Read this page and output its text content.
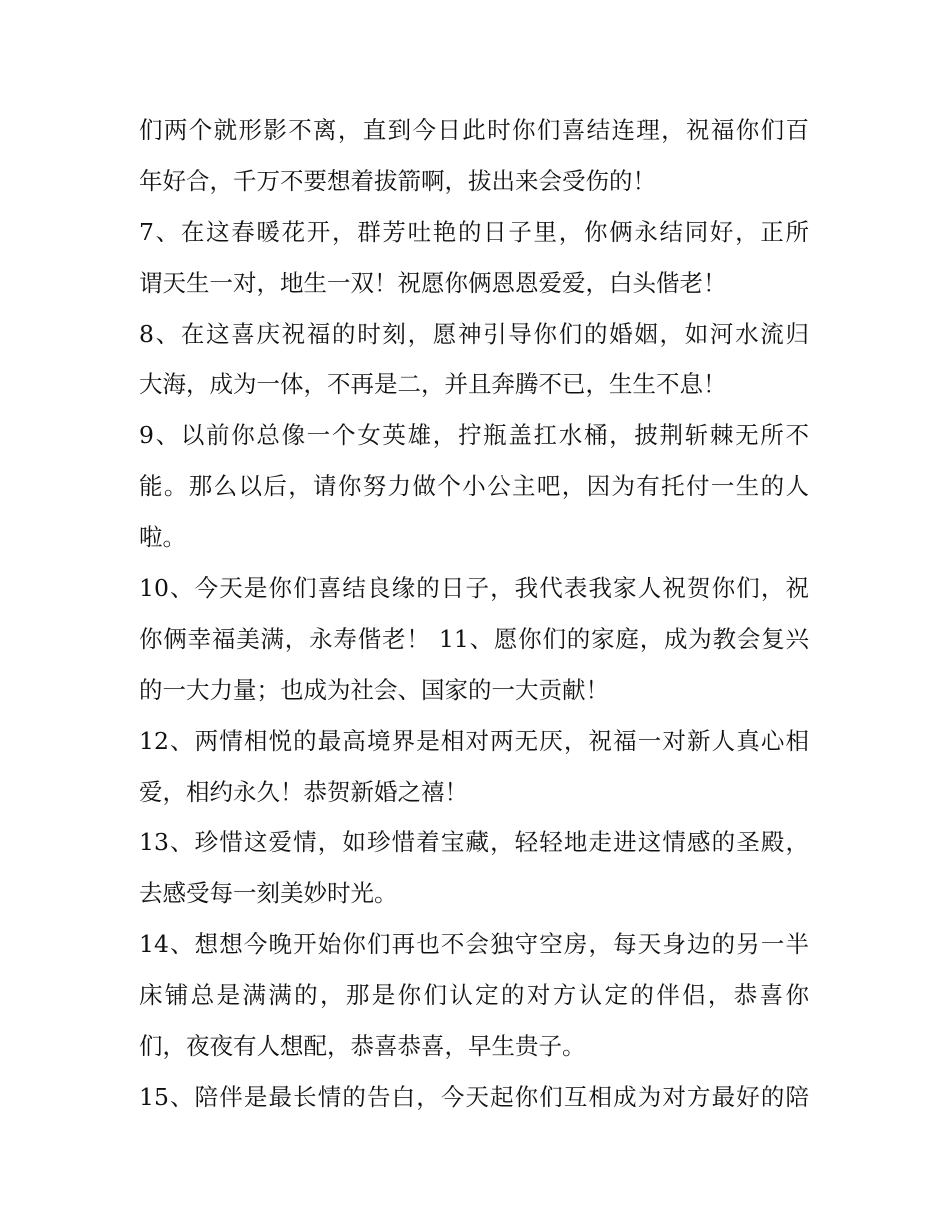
们两个就形影不离，直到今日此时你们喜结连理，祝福你们百
年好合，千万不要想着拔箭啊，拔出来会受伤的！
7、在这春暖花开，群芳吐艳的日子里，你俩永结同好，正所
谓天生一对，地生一双！祝愿你俩恩恩爱爱，白头偕老！
8、在这喜庆祝福的时刻，愿神引导你们的婚姻，如河水流归
大海，成为一体，不再是二，并且奔腾不已，生生不息！
9、以前你总像一个女英雄，拧瓶盖扛水桶，披荆斩棘无所不
能。那么以后，请你努力做个小公主吧，因为有托付一生的人
啦。
10、今天是你们喜结良缘的日子，我代表我家人祝贺你们，祝
你俩幸福美满，永寿偕老！ 11、愿你们的家庭，成为教会复兴
的一大力量；也成为社会、国家的一大贡献！
12、两情相悦的最高境界是相对两无厌，祝福一对新人真心相
爱，相约永久！恭贺新婚之禧！
13、珍惜这爱情，如珍惜着宝藏，轻轻地走进这情感的圣殿，
去感受每一刻美妙时光。
14、想想今晚开始你们再也不会独守空房，每天身边的另一半
床铺总是满满的，那是你们认定的对方认定的伴侣，恭喜你
们，夜夜有人想配，恭喜恭喜，早生贵子。
15、陪伴是最长情的告白，今天起你们互相成为对方最好的陪
